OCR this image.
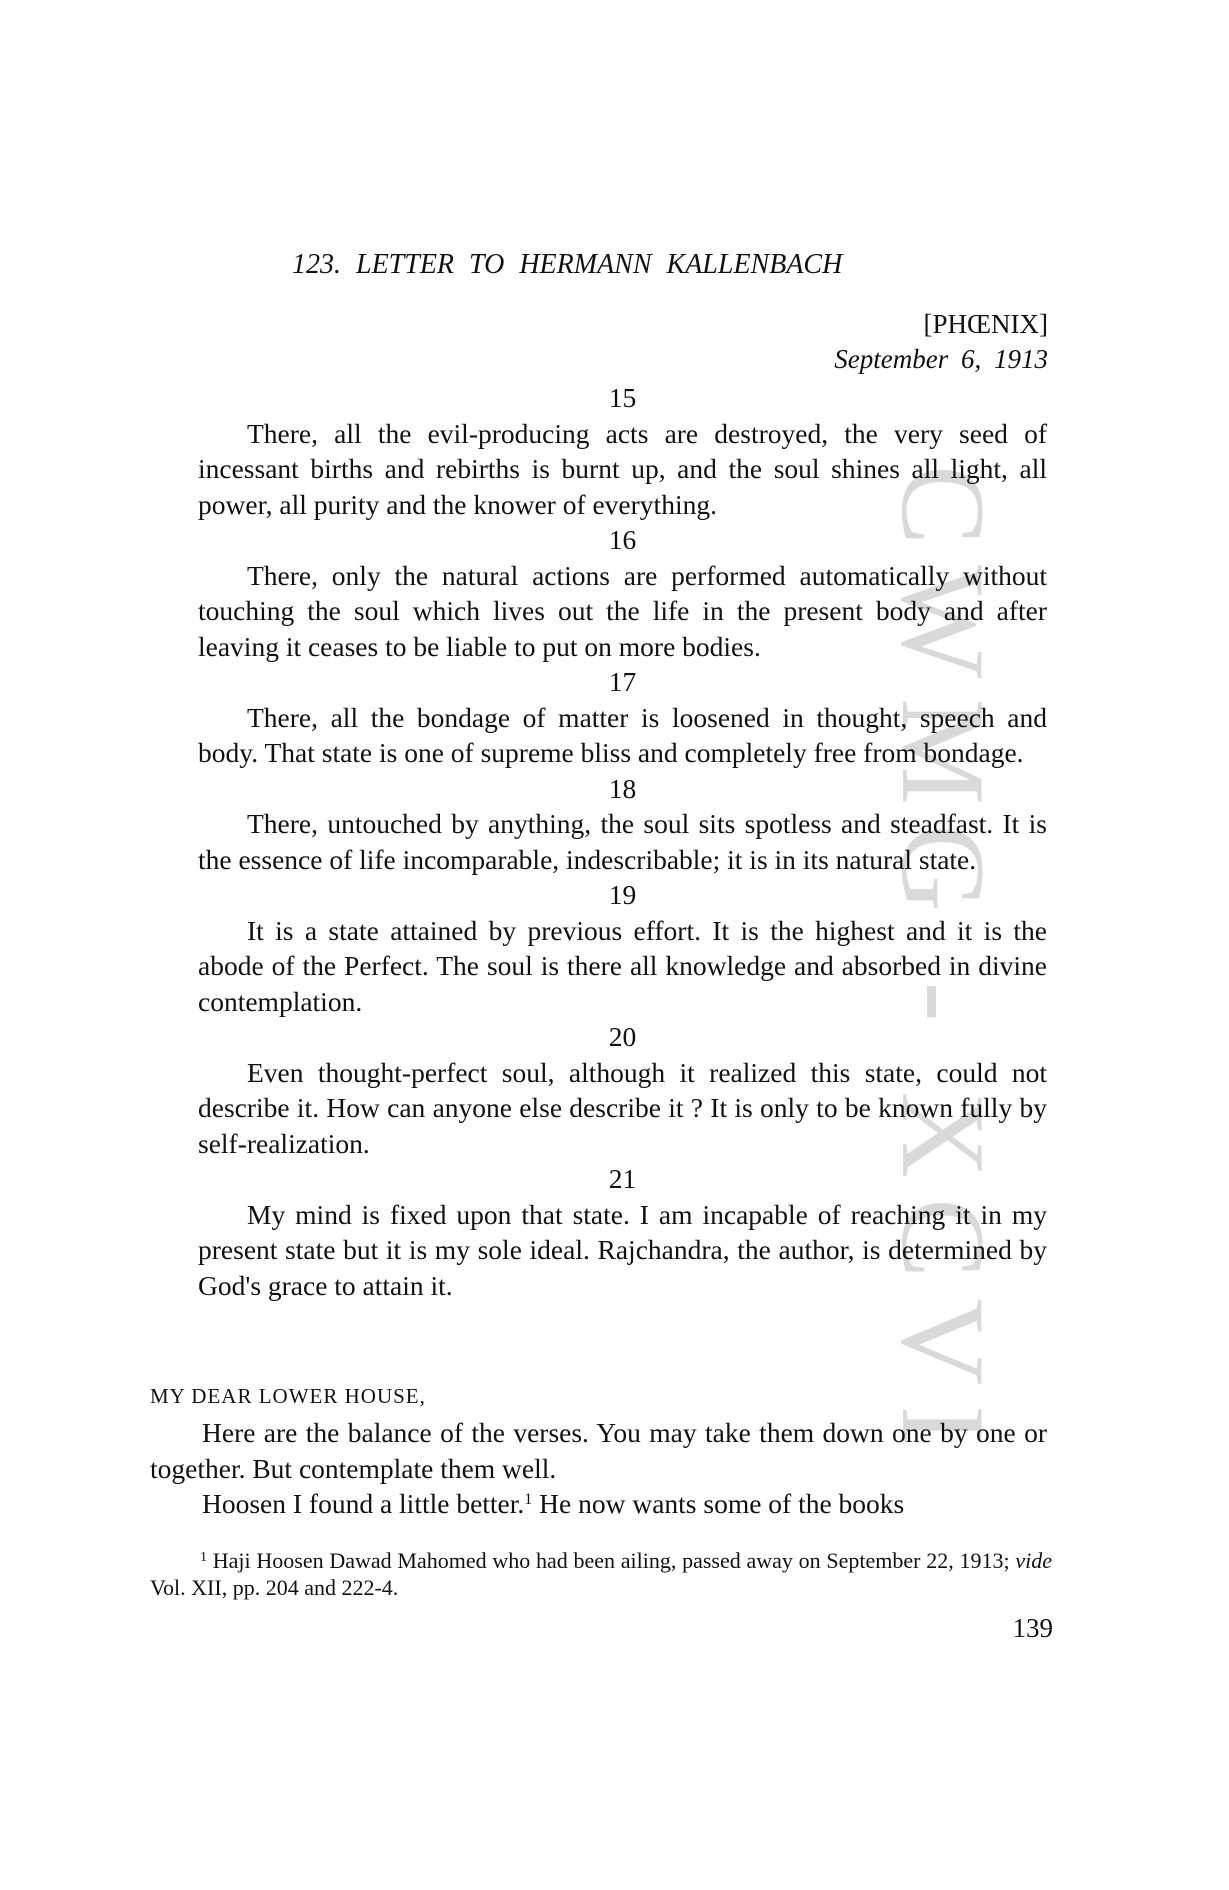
CWMG - XCVI
123. LETTER TO HERMANN KALLENBACH
[PHŒNIX]
September 6, 1913
15

There, all the evil-producing acts are destroyed, the very seed of incessant births and rebirths is burnt up, and the soul shines all light, all power, all purity and the knower of everything.

16

There, only the natural actions are performed automatically without touching the soul which lives out the life in the present body and after leaving it ceases to be liable to put on more bodies.

17

There, all the bondage of matter is loosened in thought, speech and body. That state is one of supreme bliss and completely free from bondage.

18

There, untouched by anything, the soul sits spotless and steadfast. It is the essence of life incomparable, indescribable; it is in its natural state.

19

It is a state attained by previous effort. It is the highest and it is the abode of the Perfect. The soul is there all knowledge and absorbed in divine contemplation.

20

Even thought-perfect soul, although it realized this state, could not describe it. How can anyone else describe it ? It is only to be known fully by self-realization.

21

My mind is fixed upon that state. I am incapable of reaching it in my present state but it is my sole ideal. Rajchandra, the author, is determined by God's grace to attain it.

MY DEAR LOWER HOUSE,

Here are the balance of the verses. You may take them down one by one or together. But contemplate them well.

Hoosen I found a little better.$^1$ He now wants some of the books

$^1$ Haji Hoosen Dawad Mahomed who had been ailing, passed away on September 22, 1913; vide Vol. XII, pp. 204 and 222-4.

139
